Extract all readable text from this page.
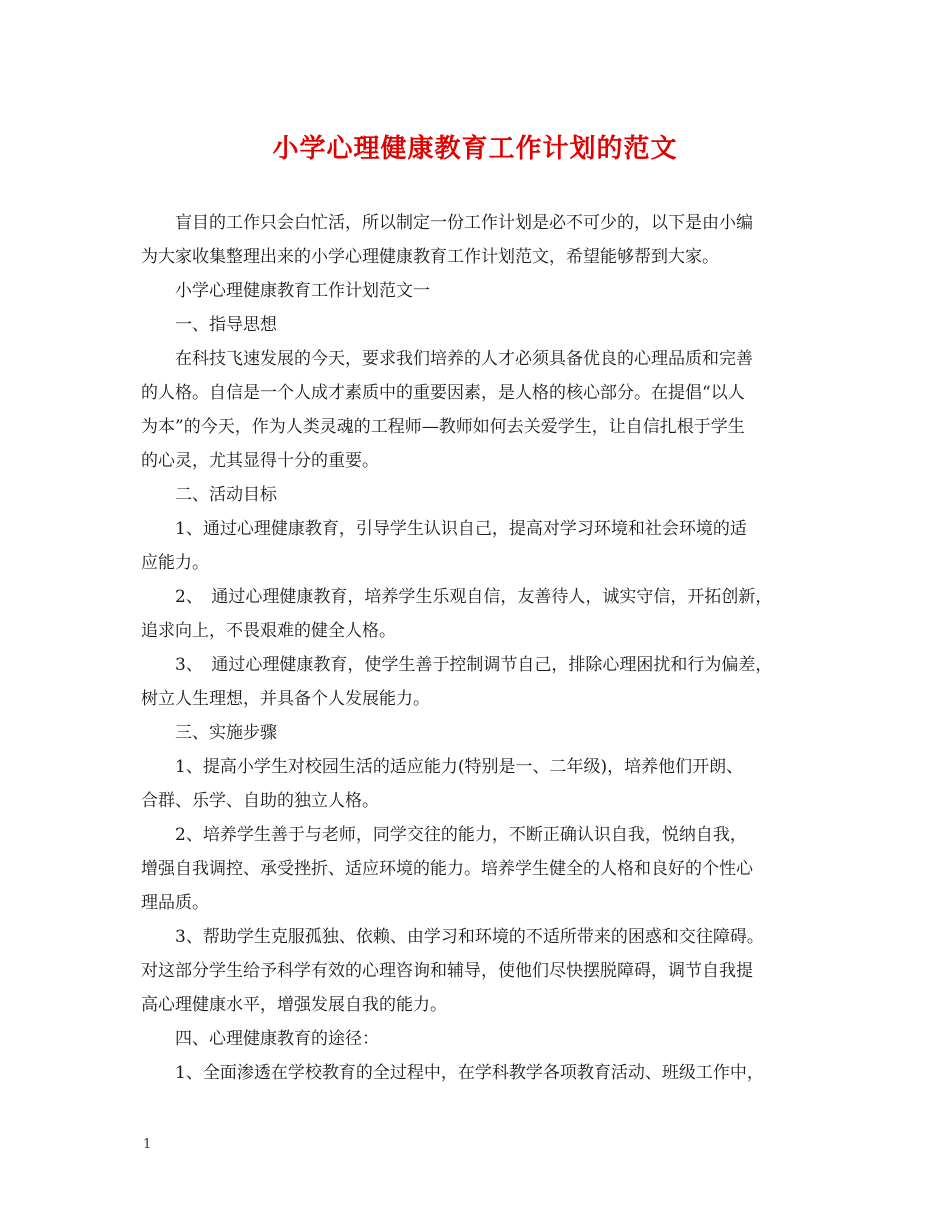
小学心理健康教育工作计划的范文

盲目的工作只会白忙活，所以制定一份工作计划是必不可少的，以下是由小编
为大家收集整理出来的小学心理健康教育工作计划范文，希望能够帮到大家。

小学心理健康教育工作计划范文一

一、指导思想

在科技飞速发展的今天，要求我们培养的人才必须具备优良的心理品质和完善
的人格。自信是一个人成才素质中的重要因素，是人格的核心部分。在提倡“以人
为本”的今天，作为人类灵魂的工程师—教师如何去关爱学生，让自信扎根于学生
的心灵，尤其显得十分的重要。

二、活动目标

1、通过心理健康教育，引导学生认识自己，提高对学习环境和社会环境的适
应能力。

2、　通过心理健康教育，培养学生乐观自信，友善待人，诚实守信，开拓创新，
追求向上，不畏艰难的健全人格。

3、　通过心理健康教育，使学生善于控制调节自己，排除心理困扰和行为偏差，
树立人生理想，并具备个人发展能力。

三、实施步骤

1、提高小学生对校园生活的适应能力(特别是一、二年级)，培养他们开朗、
合群、乐学、自助的独立人格。

2、培养学生善于与老师，同学交往的能力，不断正确认识自我，悦纳自我，
增强自我调控、承受挫折、适应环境的能力。培养学生健全的人格和良好的个性心
理品质。

3、帮助学生克服孤独、依赖、由学习和环境的不适所带来的困惑和交往障碍。
对这部分学生给予科学有效的心理咨询和辅导，使他们尽快摆脱障碍，调节自我提
高心理健康水平，增强发展自我的能力。

四、心理健康教育的途径：

1、全面渗透在学校教育的全过程中，在学科教学各项教育活动、班级工作中，

1
